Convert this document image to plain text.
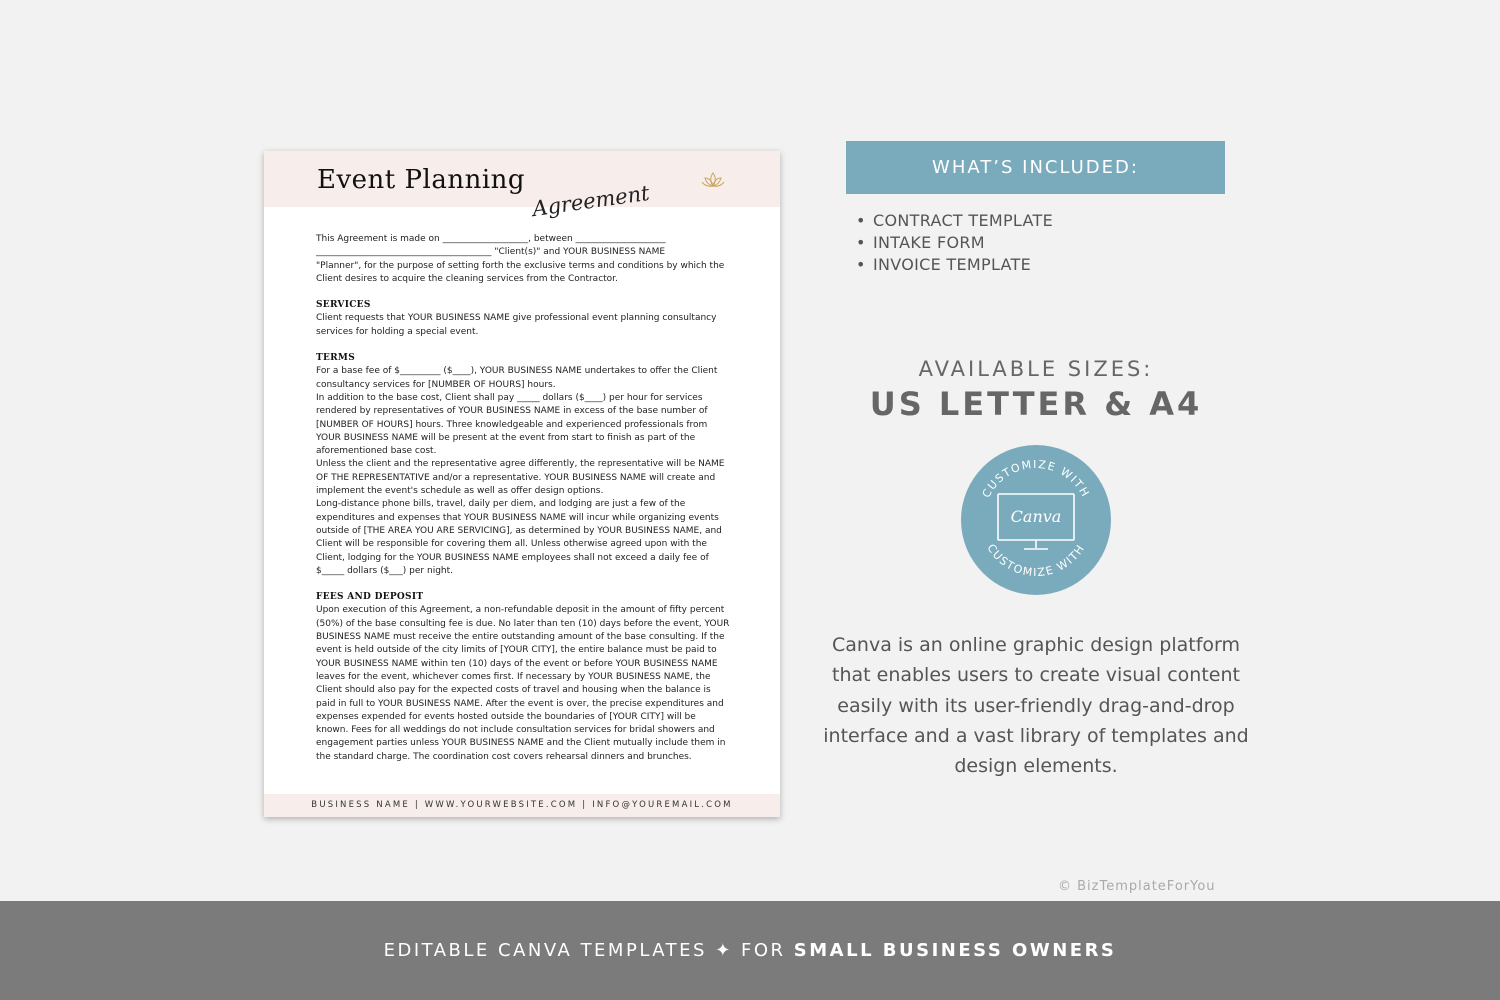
Event Planning
Agreement

This Agreement is made on ___________________, between ____________________

_______________________________________ "Client(s)" and YOUR BUSINESS NAME

"Planner", for the purpose of setting forth the exclusive terms and conditions by which the

Client desires to acquire the cleaning services from the Contractor.

SERVICES

Client requests that YOUR BUSINESS NAME give professional event planning consultancy

services for holding a special event.

TERMS

For a base fee of $_________ ($____), YOUR BUSINESS NAME undertakes to offer the Client

consultancy services for [NUMBER OF HOURS] hours.

In addition to the base cost, Client shall pay _____ dollars ($____) per hour for services

rendered by representatives of YOUR BUSINESS NAME in excess of the base number of

[NUMBER OF HOURS] hours. Three knowledgeable and experienced professionals from

YOUR BUSINESS NAME will be present at the event from start to finish as part of the

aforementioned base cost.

Unless the client and the representative agree differently, the representative will be NAME

OF THE REPRESENTATIVE and/or a representative. YOUR BUSINESS NAME will create and

implement the event's schedule as well as offer design options.

Long-distance phone bills, travel, daily per diem, and lodging are just a few of the

expenditures and expenses that YOUR BUSINESS NAME will incur while organizing events

outside of [THE AREA YOU ARE SERVICING], as determined by YOUR BUSINESS NAME, and

Client will be responsible for covering them all. Unless otherwise agreed upon with the

Client, lodging for the YOUR BUSINESS NAME employees shall not exceed a daily fee of

$_____ dollars ($___) per night.

FEES AND DEPOSIT

Upon execution of this Agreement, a non-refundable deposit in the amount of fifty percent

(50%) of the base consulting fee is due. No later than ten (10) days before the event, YOUR

BUSINESS NAME must receive the entire outstanding amount of the base consulting. If the

event is held outside of the city limits of [YOUR CITY], the entire balance must be paid to

YOUR BUSINESS NAME within ten (10) days of the event or before YOUR BUSINESS NAME

leaves for the event, whichever comes first. If necessary by YOUR BUSINESS NAME, the

Client should also pay for the expected costs of travel and housing when the balance is

paid in full to YOUR BUSINESS NAME. After the event is over, the precise expenditures and

expenses expended for events hosted outside the boundaries of [YOUR CITY] will be

known. Fees for all weddings do not include consultation services for bridal showers and

engagement parties unless YOUR BUSINESS NAME and the Client mutually include them in

the standard charge. The coordination cost covers rehearsal dinners and brunches.

BUSINESS NAME | WWW.YOURWEBSITE.COM | INFO@YOUREMAIL.COM
WHAT’S INCLUDED:
• CONTRACT TEMPLATE
• INTAKE FORM
• INVOICE TEMPLATE
AVAILABLE SIZES:
US LETTER & A4
CUSTOMIZE WITH
CUSTOMIZE WITH
Canva
Canva is an online graphic design platform that enables users to create visual content easily with its user-friendly drag-and-drop interface and a vast library of templates and design elements.
© BizTemplateForYou
EDITABLE CANVA TEMPLATES ✦ FOR SMALL BUSINESS OWNERS
